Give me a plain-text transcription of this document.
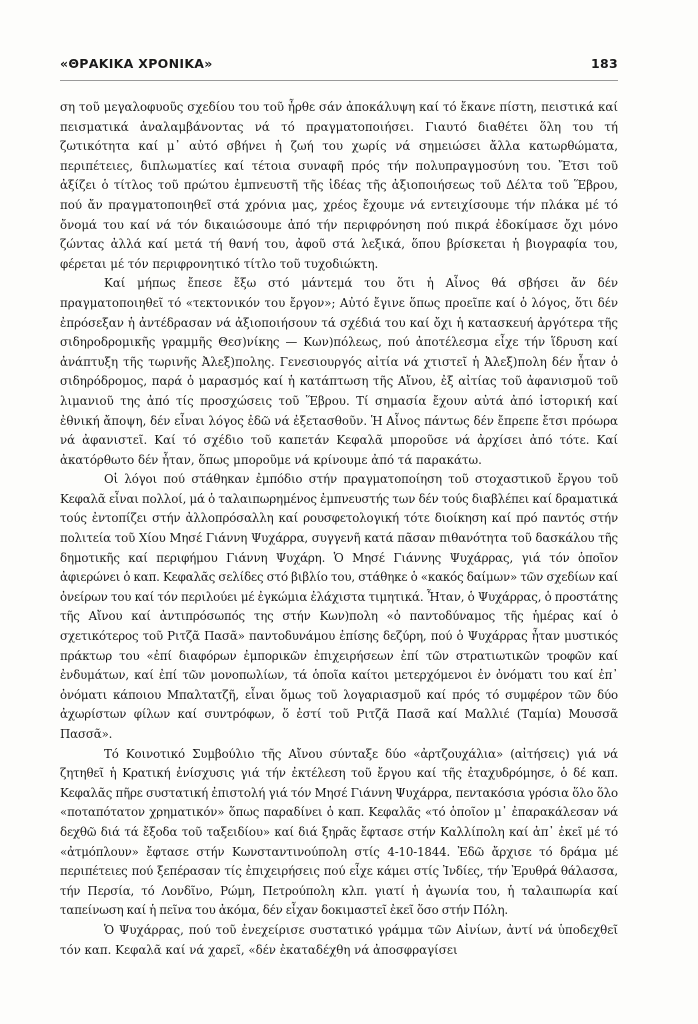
«ΘΡΑΚΙΚΑ ΧΡΟΝΙΚΑ»	183

ση τοῦ μεγαλοφυοῦς σχεδίου του τοῦ ἦρθε σάν ἀποκάλυψη καί τό ἔκανε πίστη, πειστικά καί πεισματικά ἀναλαμβάνοντας νά τό πραγματοποιήσει. Γιαυτό διαθέτει ὅλη του τή ζωτικότητα καί μ᾽ αὐτό σβήνει ἡ ζωή του χωρίς νά σημειώσει ἄλλα κατωρθώματα, περιπέτειες, διπλωματίες καί τέτοια συναφῆ πρός τήν πολυπραγμοσύνη του. Ἔτσι τοῦ ἀξίζει ὁ τίτλος τοῦ πρώτου ἐμπνευστῆ τῆς ἰδέας τῆς ἀξιοποιήσεως τοῦ Δέλτα τοῦ Ἕβρου, πού ἄν πραγματοποιηθεῖ στά χρόνια μας, χρέος ἔχουμε νά εντειχίσουμε τήν πλάκα μέ τό ὄνομά του καί νά τόν δικαιώσουμε ἀπό τήν περιφρόνηση πού πικρά ἐδοκίμασε ὄχι μόνο ζώντας ἀλλά καί μετά τή θανή του, ἀφοῦ στά λεξικά, ὅπου βρίσκεται ἡ βιογραφία του, φέρεται μέ τόν περιφρονητικό τίτλο τοῦ τυχοδιώκτη.

Καί μήπως ἔπεσε ἔξω στό μάντεμά του ὅτι ἡ Αἶνος θά σβήσει ἄν δέν πραγματοποιηθεῖ τό «τεκτονικόν του ἔργον»; Αὐτό ἔγινε ὅπως προεῖπε καί ὁ λόγος, ὅτι δέν ἐπρόσεξαν ἡ ἀντέδρασαν νά ἀξιοποιήσουν τά σχέδιά του καί ὄχι ἡ κατασκευή ἀργότερα τῆς σιδηροδρομικῆς γραμμῆς Θεσ)νίκης — Κων)πόλεως, πού ἀποτέλεσμα εἶχε τήν ἵδρυση καί ἀνάπτυξη τῆς τωρινῆς Ἀλεξ)πολης. Γενεσιουργός αἰτία νά χτιστεῖ ἡ Ἀλεξ)πολη δέν ἦταν ὁ σιδηρόδρομος, παρά ὁ μαρασμός καί ἡ κατάπτωση τῆς Αἴνου, ἐξ αἰτίας τοῦ ἀφανισμοῦ τοῦ λιμανιοῦ της ἀπό τίς προσχώσεις τοῦ Ἕβρου. Τί σημασία ἔχουν αὐτά ἀπό ἱστορική καί ἐθνική ἄποψη, δέν εἶναι λόγος ἐδῶ νά ἐξετασθοῦν. Ἡ Αἶνος πάντως δέν ἔπρεπε ἔτσι πρόωρα νά ἀφανιστεῖ. Καί τό σχέδιο τοῦ καπετάν Κεφαλᾶ μποροῦσε νά ἀρχίσει ἀπό τότε. Καί ἀκατόρθωτο δέν ἦταν, ὅπως μποροῦμε νά κρίνουμε ἀπό τά παρακάτω.

Οἱ λόγοι πού στάθηκαν ἐμπόδιο στήν πραγματοποίηση τοῦ στοχαστικοῦ ἔργου τοῦ Κεφαλᾶ εἶναι πολλοί, μά ὁ ταλαιπωρημένος ἐμπνευστής των δέν τούς διαβλέπει καί δραματικά τούς ἐντοπίζει στήν ἀλλοπρόσαλλη καί ρουσφετολογική τότε διοίκηση καί πρό παντός στήν πολιτεία τοῦ Χίου Μησέ Γιάννη Ψυχάρρα, συγγενῆ κατά πᾶσαν πιθανότητα τοῦ δασκάλου τῆς δημοτικῆς καί περιφήμου Γιάννη Ψυχάρη. Ὁ Μησέ Γιάννης Ψυχάρρας, γιά τόν ὁποῖον ἀφιερώνει ὁ καπ. Κεφαλᾶς σελίδες στό βιβλίο του, στάθηκε ὁ «κακός δαίμων» τῶν σχεδίων καί ὀνείρων του καί τόν περιλούει μέ ἐγκώμια ἐλάχιστα τιμητικά. Ἦταν, ὁ Ψυχάρρας, ὁ προστάτης τῆς Αἴνου καί ἀντιπρόσωπός της στήν Κων)πολη «ὁ παντοδύναμος τῆς ἡμέρας καί ὁ σχετικότερος τοῦ Ριτζᾶ Πασᾶ» παντοδυνάμου ἐπίσης δεζύρη, πού ὁ Ψυχάρρας ἦταν μυστικός πράκτωρ του «ἐπί διαφόρων ἐμπορικῶν ἐπιχειρήσεων ἐπί τῶν στρατιωτικῶν τροφῶν καί ἐνδυμάτων, καί ἐπί τῶν μονοπωλίων, τά ὁποῖα καίτοι μετερχόμενοι ἐν ὀνόματι του καί ἐπ᾽ ὀνόματι κάποιου Μπαλτατζῆ, εἶναι ὅμως τοῦ λογαριασμοῦ καί πρός τό συμφέρον τῶν δύο ἀχωρίστων φίλων καί συντρόφων, ὅ ἐστί τοῦ Ριτζᾶ Πασᾶ καί Μαλλιέ (Ταμία) Μουσσᾶ Πασσᾶ».

Τό Κοινοτικό Συμβούλιο τῆς Αἴνου σύνταξε δύο «ἀρτζουχάλια» (αἰτήσεις) γιά νά ζητηθεῖ ἡ Κρατική ἐνίσχυσις γιά τήν ἐκτέλεση τοῦ ἔργου καί τῆς ἐταχυδρόμησε, ὁ δέ καπ. Κεφαλᾶς πῆρε συστατική ἐπιστολή γιά τόν Μησέ Γιάννη Ψυχάρρα, πεντακόσια γρόσια ὅλο ὅλο «ποταπότατον χρηματικόν» ὅπως παραδίνει ὁ καπ. Κεφαλᾶς «τό ὁποῖον μ᾽ ἐπαρακάλεσαν νά δεχθῶ διά τά ἔξοδα τοῦ ταξειδίου» καί διά ξηρᾶς ἔφτασε στήν Καλλίπολη καί ἀπ᾽ ἐκεῖ μέ τό «ἀτμόπλουν» ἔφτασε στήν Κωνσταντινούπολη στίς 4-10-1844. Ἐδῶ ἄρχισε τό δράμα μέ περιπέτειες πού ξεπέρασαν τίς ἐπιχειρήσεις πού εἶχε κάμει στίς Ἰνδίες, τήν Ἐρυθρά θάλασσα, τήν Περσία, τό Λονδῖνο, Ρώμη, Πετρούπολη κλπ. γιατί ἡ ἀγωνία του, ἡ ταλαιπωρία καί ταπείνωση καί ἡ πεῖνα του ἀκόμα, δέν εἶχαν δοκιμαστεῖ ἐκεῖ ὅσο στήν Πόλη.

Ὁ Ψυχάρρας, πού τοῦ ἐνεχείρισε συστατικό γράμμα τῶν Αἰνίων, ἀντί νά ὑποδεχθεῖ τόν καπ. Κεφαλᾶ καί νά χαρεῖ, «δέν ἐκαταδέχθη νά ἀποσφραγίσει
